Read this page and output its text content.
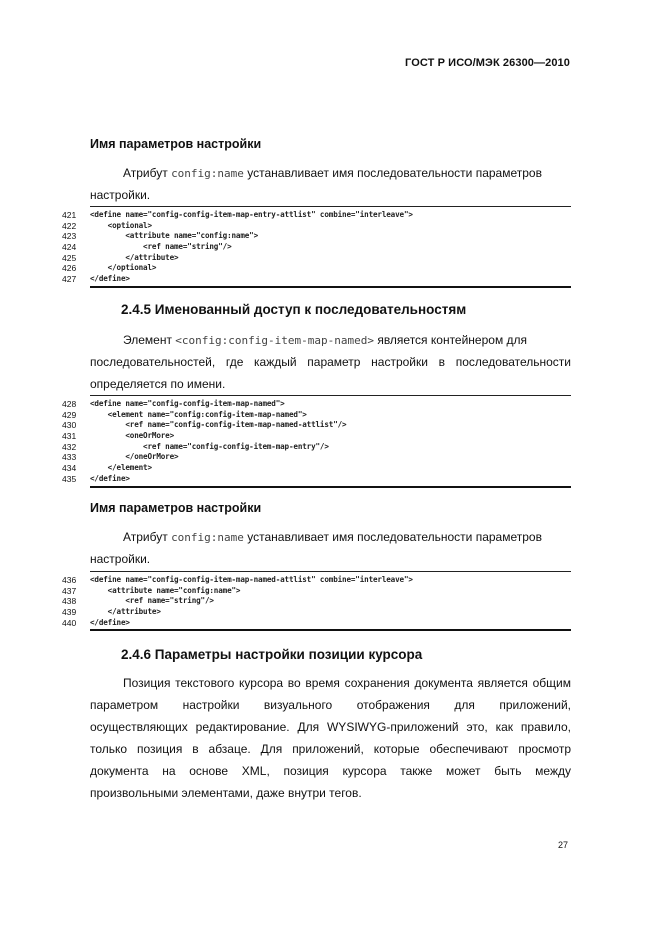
ГОСТ Р ИСО/МЭК 26300—2010
Имя параметров настройки
Атрибут config:name устанавливает имя последовательности параметров
настройки.
421 <define name="config-config-item-map-entry-attlist" combine="interleave">
422 <optional>
423 <attribute name="config:name">
424 <ref name="string"/>
425 </attribute>
426 </optional>
427 </define>
2.4.5 Именованный доступ к последовательностям
Элемент <config:config-item-map-named> является контейнером для
последовательностей, где каждый параметр настройки в последовательности
определяется по имени.
428 <define name="config-config-item-map-named">
429 <element name="config:config-item-map-named">
430 <ref name="config-config-item-map-named-attlist"/>
431 <oneOrMore>
432 <ref name="config-config-item-map-entry"/>
433 </oneOrMore>
434 </element>
435 </define>
Имя параметров настройки
Атрибут config:name устанавливает имя последовательности параметров
настройки.
436 <define name="config-config-item-map-named-attlist" combine="interleave">
437 <attribute name="config:name">
438 <ref name="string"/>
439 </attribute>
440 </define>
2.4.6 Параметры настройки позиции курсора
Позиция текстового курсора во время сохранения документа является общим
параметром настройки визуального отображения для приложений,
осуществляющих редактирование. Для WYSIWYG-приложений это, как правило,
только позиция в абзаце. Для приложений, которые обеспечивают просмотр
документа на основе XML, позиция курсора также может быть между
произвольными элементами, даже внутри тегов.
27
